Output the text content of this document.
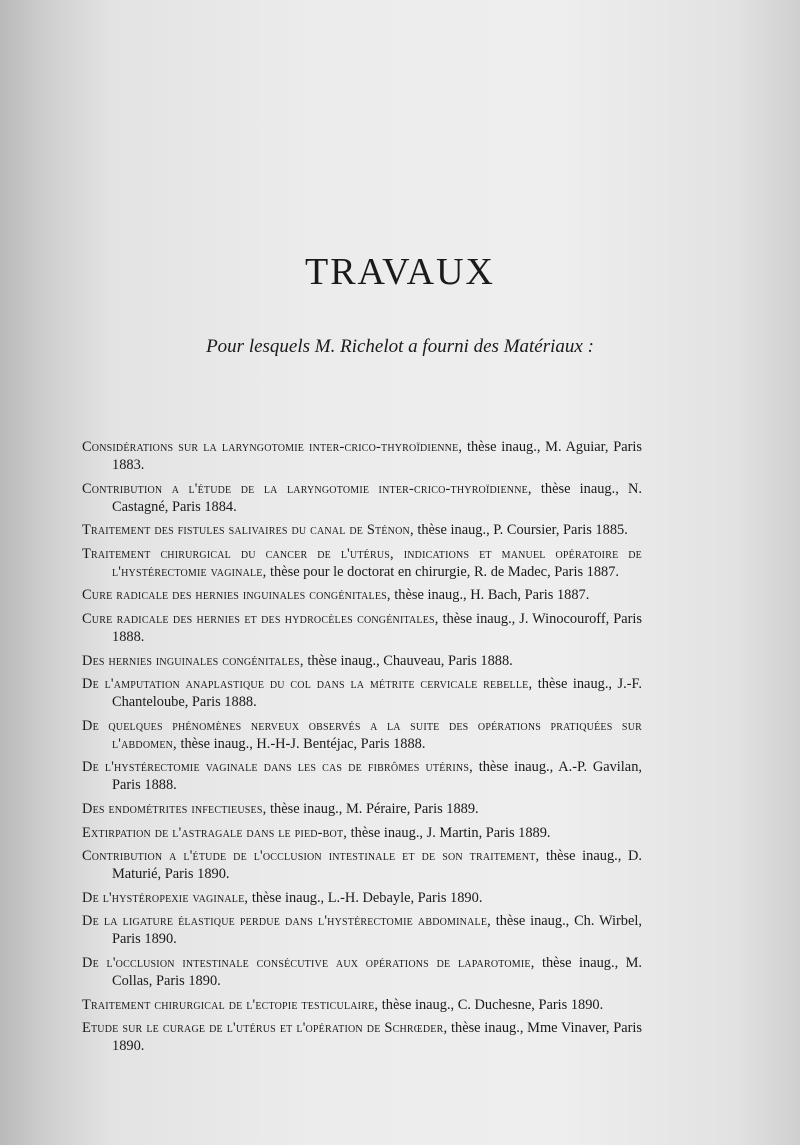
TRAVAUX
Pour lesquels M. Richelot a fourni des Matériaux :

Considérations sur la laryngotomie inter-crico-thyroïdienne, thèse inaug., M. Aguiar, Paris 1883.

Contribution a l'étude de la laryngotomie inter-crico-thyroïdienne, thèse inaug., N. Castagné, Paris 1884.

Traitement des fistules salivaires du canal de Sténon, thèse inaug., P. Coursier, Paris 1885.

Traitement chirurgical du cancer de l'utérus, indications et manuel opératoire de l'hystérectomie vaginale, thèse pour le doctorat en chirurgie, R. de Madec, Paris 1887.

Cure radicale des hernies inguinales congénitales, thèse inaug., H. Bach, Paris 1887.

Cure radicale des hernies et des hydrocèles congénitales, thèse inaug., J. Winocouroff, Paris 1888.

Des hernies inguinales congénitales, thèse inaug., Chauveau, Paris 1888.

De l'amputation anaplastique du col dans la métrite cervicale rebelle, thèse inaug., J.-F. Chanteloube, Paris 1888.

De quelques phénomènes nerveux observés a la suite des opérations pratiquées sur l'abdomen, thèse inaug., H.-H-J. Bentéjac, Paris 1888.

De l'hystérectomie vaginale dans les cas de fibrômes utérins, thèse inaug., A.-P. Gavilan, Paris 1888.

Des endométrites infectieuses, thèse inaug., M. Péraire, Paris 1889.

Extirpation de l'astragale dans le pied-bot, thèse inaug., J. Martin, Paris 1889.

Contribution a l'étude de l'occlusion intestinale et de son traitement, thèse inaug., D. Maturié, Paris 1890.

De l'hystéropexie vaginale, thèse inaug., L.-H. Debayle, Paris 1890.

De la ligature élastique perdue dans l'hystérectomie abdominale, thèse inaug., Ch. Wirbel, Paris 1890.

De l'occlusion intestinale consécutive aux opérations de laparotomie, thèse inaug., M. Collas, Paris 1890.

Traitement chirurgical de l'ectopie testiculaire, thèse inaug., C. Duchesne, Paris 1890.

Etude sur le curage de l'utérus et l'opération de Schrœder, thèse inaug., Mme Vinaver, Paris 1890.
